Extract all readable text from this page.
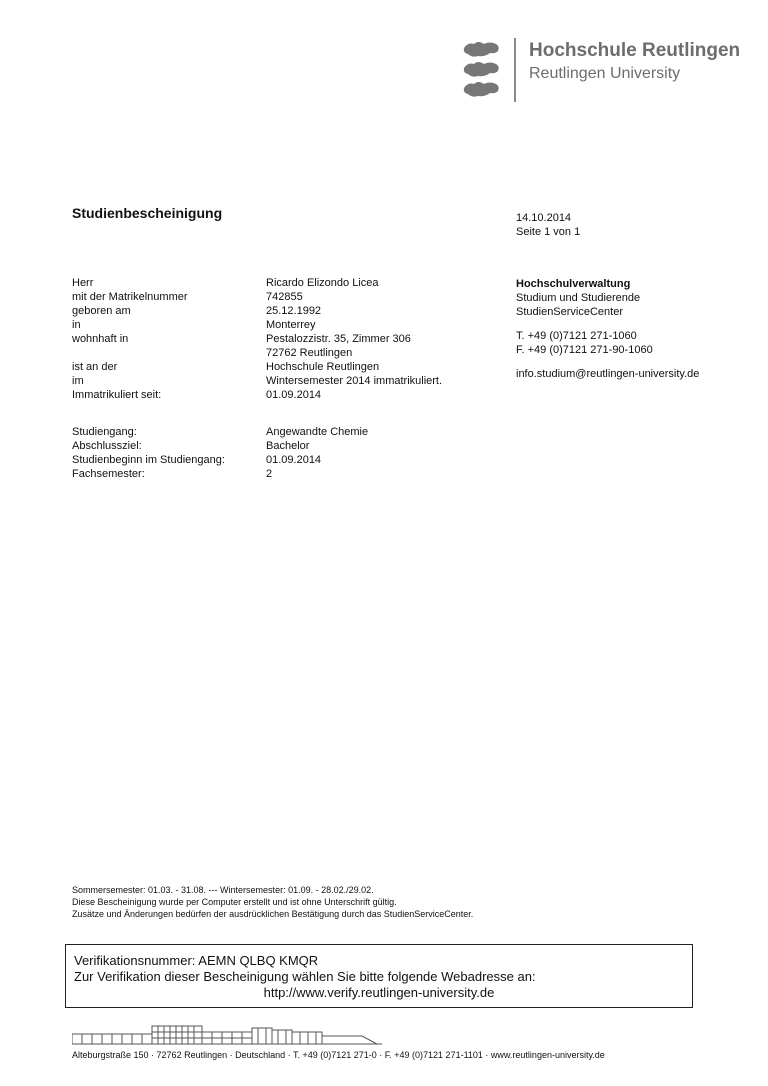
Hochschule Reutlingen
Reutlingen University
Studienbescheinigung	14.10.2014
Seite 1 von 1
Herr	Ricardo Elizondo Licea
mit der Matrikelnummer	742855
geboren am	25.12.1992
in	Monterrey
wohnhaft in	Pestalozzistr. 35, Zimmer 306
72762 Reutlingen
ist an der	Hochschule Reutlingen
im	Wintersemester 2014 immatrikuliert.
Immatrikuliert seit:	01.09.2014
Studiengang:	Angewandte Chemie
Abschlussziel:	Bachelor
Studienbeginn im Studiengang:	01.09.2014
Fachsemester:	2
Hochschulverwaltung
Studium und Studierende
StudienServiceCenter
T. +49 (0)7121 271-1060
F. +49 (0)7121 271-90-1060
info.studium@reutlingen-university.de
Sommersemester: 01.03. - 31.08. --- Wintersemester: 01.09. - 28.02./29.02.
Diese Bescheinigung wurde per Computer erstellt und ist ohne Unterschrift gültig.
Zusätze und Änderungen bedürfen der ausdrücklichen Bestätigung durch das StudienServiceCenter.
Verifikationsnummer: AEMN QLBQ KMQR
Zur Verifikation dieser Bescheinigung wählen Sie bitte folgende Webadresse an:
http://www.verify.reutlingen-university.de
Alteburgstraße 150 · 72762 Reutlingen · Deutschland · T. +49 (0)7121 271-0 · F. +49 (0)7121 271-1101 · www.reutlingen-university.de
